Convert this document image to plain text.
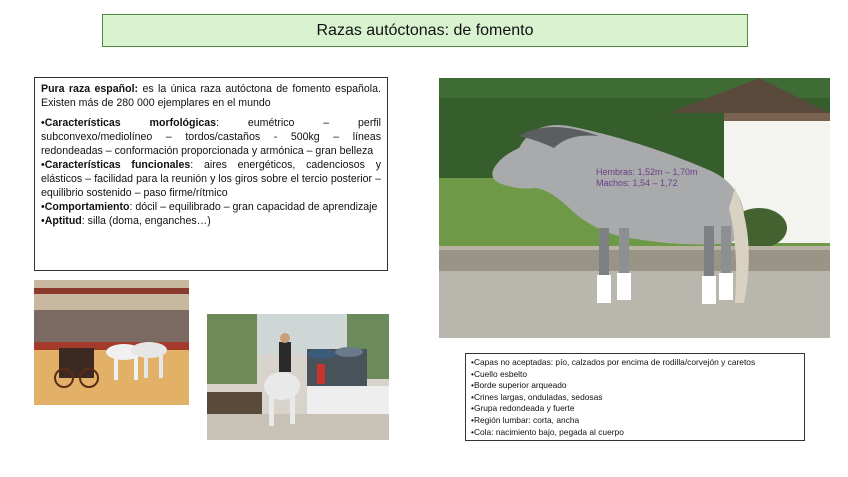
Razas autóctonas: de fomento

Pura raza español: es la única raza autóctona de fomento española. Existen más de 280 000 ejemplares en el mundo

•Características morfológicas: eumétrico – perfil subconvexo/mediolíneo – tordos/castaños - 500kg – líneas redondeadas – conformación proporcionada y armónica – gran belleza

•Características funcionales: aires energéticos, cadenciosos y elásticos – facilidad para la reunión y los giros sobre el tercio posterior – equilibrio sostenido – paso firme/rítmico

•Comportamiento: dócil – equilibrado – gran capacidad de aprendizaje

•Aptitud: silla (doma, enganches…)

Hembras: 1,52m – 1,70m
Machos: 1,54 – 1,72
• Capas no aceptadas: pío, calzados por encima de rodilla/corvejón y caretos
• Cuello esbelto
• Borde superior arqueado
• Crines largas, onduladas, sedosas
• Grupa redondeada y fuerte
• Región lumbar: corta, ancha
• Cola: nacimiento bajo, pegada al cuerpo
